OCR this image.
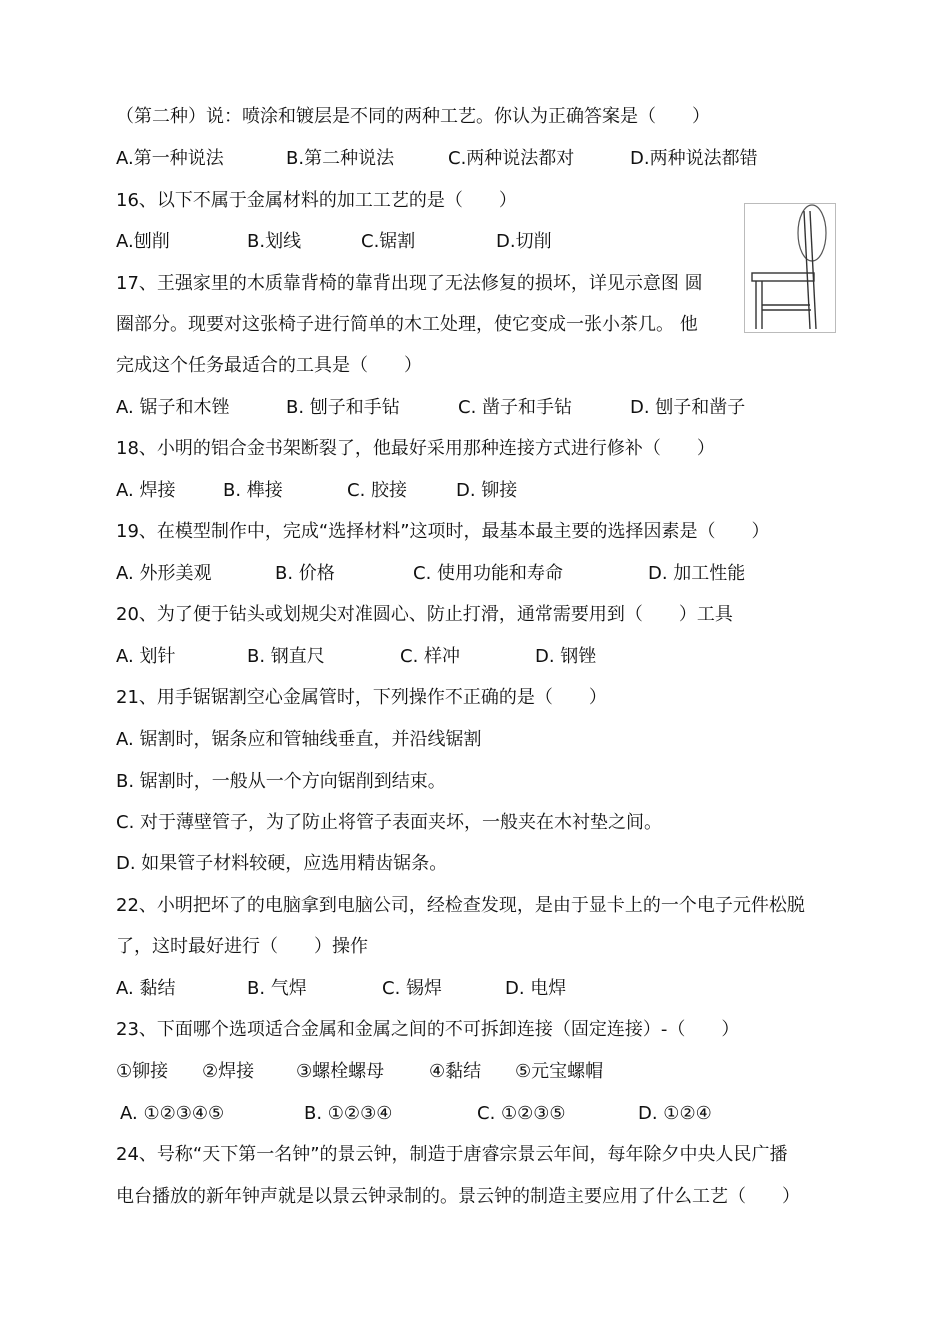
（第二种）说：喷涂和镀层是不同的两种工艺。你认为正确答案是（　　）
A.第一种说法	B.第二种说法	C.两种说法都对	D.两种说法都错
16、以下不属于金属材料的加工工艺的是（　　）
A.刨削	B.划线	C.锯割	D.切削
17、王强家里的木质靠背椅的靠背出现了无法修复的损坏，详见示意图 圆
圈部分。现要对这张椅子进行简单的木工处理，使它变成一张小茶几。 他
完成这个任务最适合的工具是（　　）
A. 锯子和木锉	B. 刨子和手钻	C. 凿子和手钻	D. 刨子和凿子
18、小明的铝合金书架断裂了，他最好采用那种连接方式进行修补（　　）
A. 焊接	B. 榫接	C. 胶接	D. 铆接
19、在模型制作中，完成“选择材料”这项时，最基本最主要的选择因素是（　　）
A. 外形美观	B. 价格	C. 使用功能和寿命	D. 加工性能
20、为了便于钻头或划规尖对准圆心、防止打滑，通常需要用到（　　）工具
A. 划针	B. 钢直尺	C. 样冲	D. 钢锉
21、用手锯锯割空心金属管时，下列操作不正确的是（　　）
A. 锯割时，锯条应和管轴线垂直，并沿线锯割
B. 锯割时，一般从一个方向锯削到结束。
C. 对于薄壁管子，为了防止将管子表面夹坏，一般夹在木衬垫之间。
D. 如果管子材料较硬，应选用精齿锯条。
22、小明把坏了的电脑拿到电脑公司，经检查发现，是由于显卡上的一个电子元件松脱
了，这时最好进行（　　）操作
A. 黏结	B. 气焊	C. 锡焊	D. 电焊
23、下面哪个选项适合金属和金属之间的不可拆卸连接（固定连接）-（　　）
①铆接 ②焊接 ③螺栓螺母 ④黏结 ⑤元宝螺帽
A. ①②③④⑤	B. ①②③④	C. ①②③⑤	D. ①②④
24、号称“天下第一名钟”的景云钟，制造于唐睿宗景云年间，每年除夕中央人民广播
电台播放的新年钟声就是以景云钟录制的。景云钟的制造主要应用了什么工艺（　　）
